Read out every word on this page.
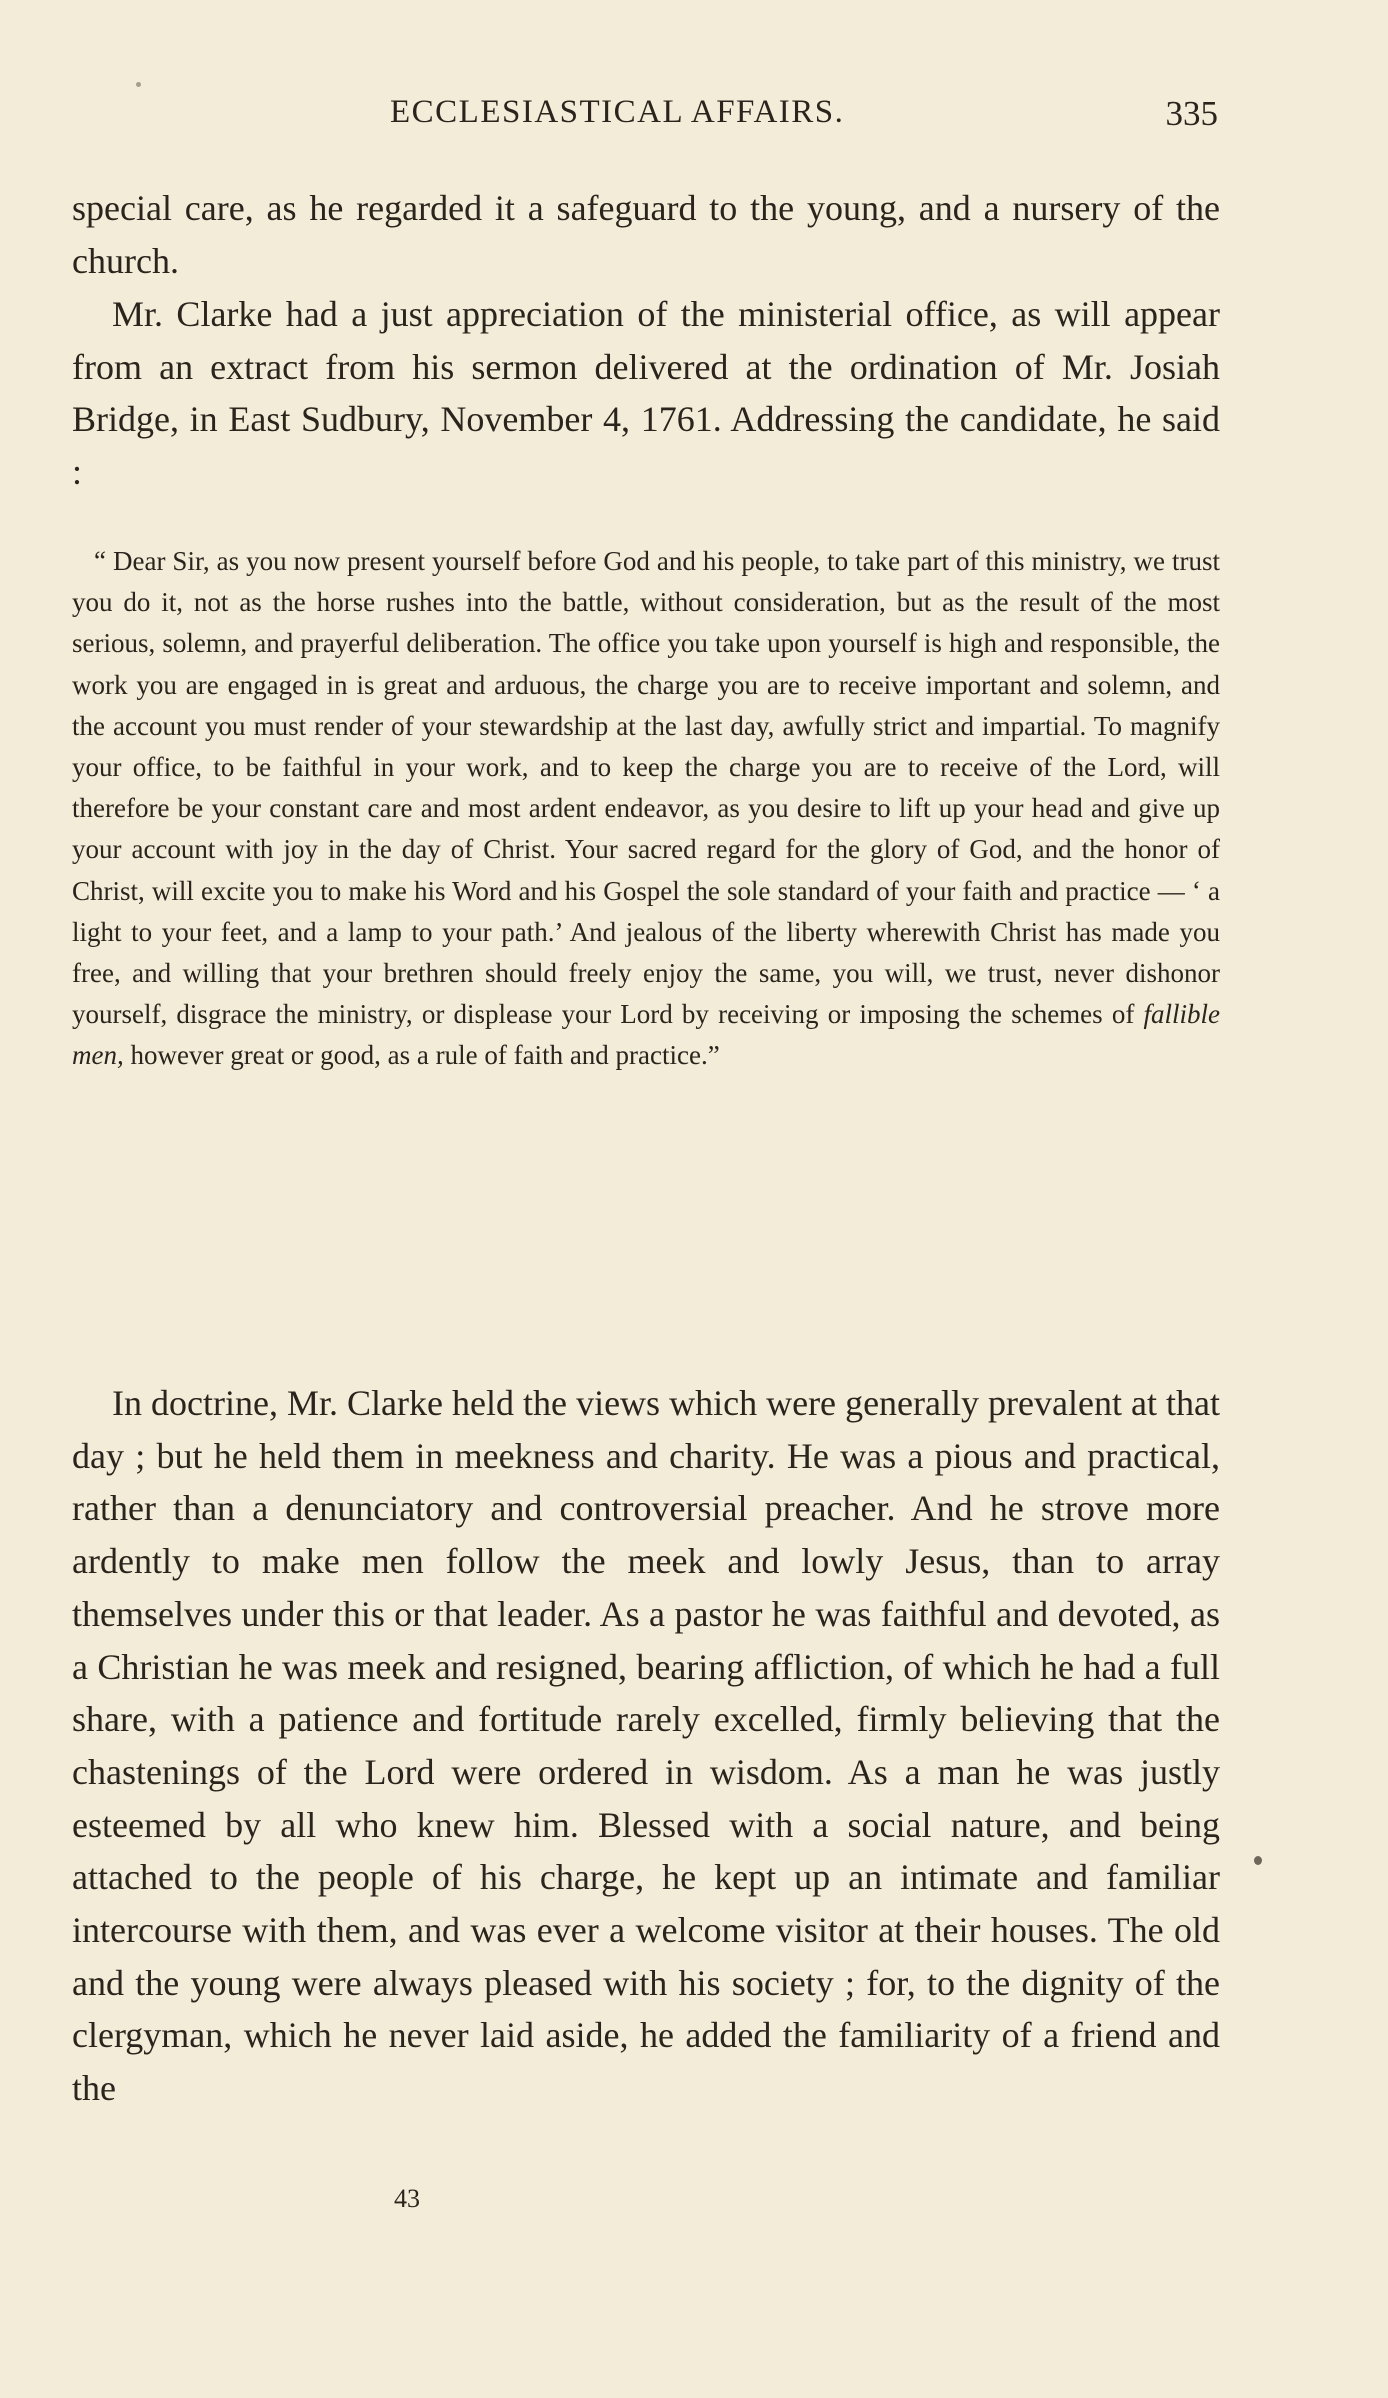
ECCLESIASTICAL AFFAIRS.	335

special care, as he regarded it a safeguard to the young, and a nursery of the church.

Mr. Clarke had a just appreciation of the ministerial office, as will appear from an extract from his sermon delivered at the ordination of Mr. Josiah Bridge, in East Sudbury, November 4, 1761. Addressing the candidate, he said :

“ Dear Sir, as you now present yourself before God and his people, to take part of this ministry, we trust you do it, not as the horse rushes into the battle, without consideration, but as the result of the most serious, solemn, and prayerful deliberation. The office you take upon yourself is high and responsible, the work you are engaged in is great and arduous, the charge you are to receive important and solemn, and the account you must render of your stewardship at the last day, awfully strict and impartial. To magnify your office, to be faithful in your work, and to keep the charge you are to receive of the Lord, will therefore be your constant care and most ardent endeavor, as you desire to lift up your head and give up your account with joy in the day of Christ. Your sacred regard for the glory of God, and the honor of Christ, will excite you to make his Word and his Gospel the sole standard of your faith and practice — ‘ a light to your feet, and a lamp to your path.’ And jealous of the liberty wherewith Christ has made you free, and willing that your brethren should freely enjoy the same, you will, we trust, never dishonor yourself, disgrace the ministry, or displease your Lord by receiving or imposing the schemes of fallible men, however great or good, as a rule of faith and practice.”

In doctrine, Mr. Clarke held the views which were generally prevalent at that day ; but he held them in meekness and charity. He was a pious and practical, rather than a denunciatory and controversial preacher. And he strove more ardently to make men follow the meek and lowly Jesus, than to array themselves under this or that leader. As a pastor he was faithful and devoted, as a Christian he was meek and resigned, bearing affliction, of which he had a full share, with a patience and fortitude rarely excelled, firmly believing that the chastenings of the Lord were ordered in wisdom. As a man he was justly esteemed by all who knew him. Blessed with a social nature, and being attached to the people of his charge, he kept up an intimate and familiar intercourse with them, and was ever a welcome visitor at their houses. The old and the young were always pleased with his society ; for, to the dignity of the clergyman, which he never laid aside, he added the familiarity of a friend and the

43
